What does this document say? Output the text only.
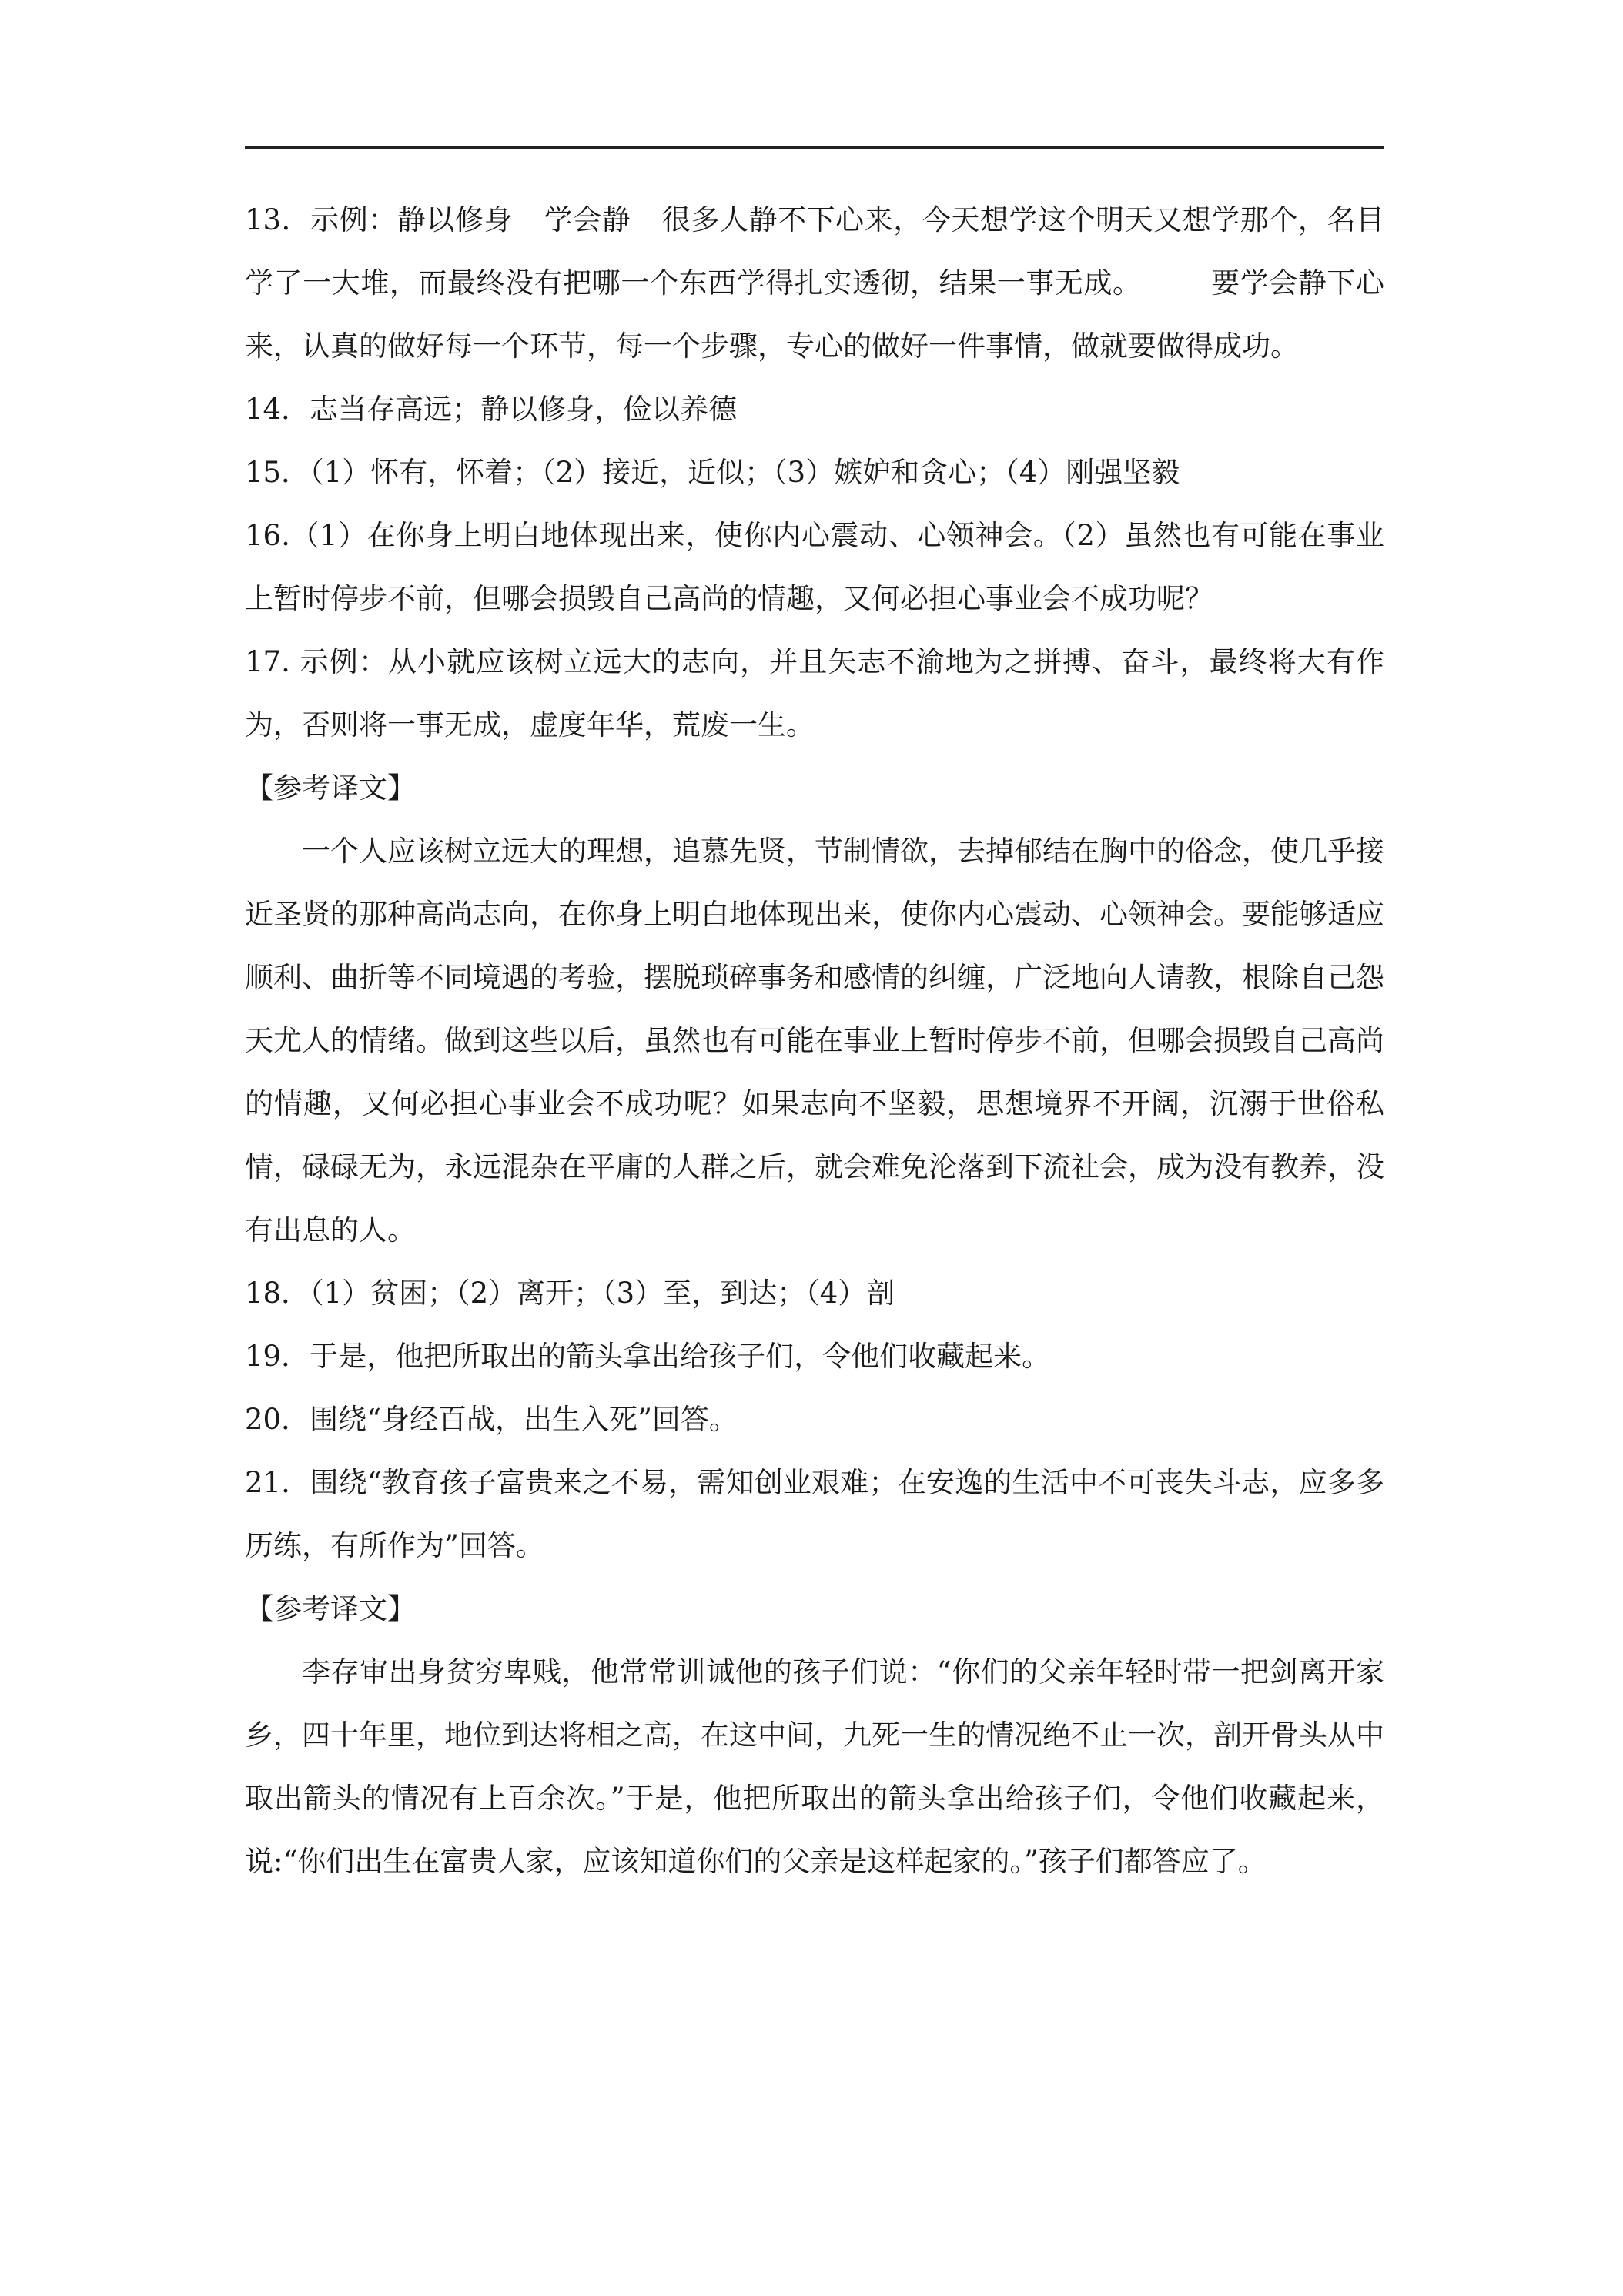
13．示例：静以修身 学会静 很多人静不下心来，今天想学这个明天又想学那个，名目学了一大堆，而最终没有把哪一个东西学得扎实透彻，结果一事无成。 要学会静下心来，认真的做好每一个环节，每一个步骤，专心的做好一件事情，做就要做得成功。

14．志当存高远；静以修身，俭以养德

15．（1）怀有，怀着；（2）接近，近似；（3）嫉妒和贪心；（4）刚强坚毅

16.（1）在你身上明白地体现出来，使你内心震动、心领神会。（2）虽然也有可能在事业上暂时停步不前，但哪会损毁自己高尚的情趣，又何必担心事业会不成功呢？

17. 示例：从小就应该树立远大的志向，并且矢志不渝地为之拼搏、奋斗，最终将大有作为，否则将一事无成，虚度年华，荒废一生。

【参考译文】

一个人应该树立远大的理想，追慕先贤，节制情欲，去掉郁结在胸中的俗念，使几乎接近圣贤的那种高尚志向，在你身上明白地体现出来，使你内心震动、心领神会。要能够适应顺利、曲折等不同境遇的考验，摆脱琐碎事务和感情的纠缠，广泛地向人请教，根除自己怨天尤人的情绪。做到这些以后，虽然也有可能在事业上暂时停步不前，但哪会损毁自己高尚的情趣，又何必担心事业会不成功呢？如果志向不坚毅，思想境界不开阔，沉溺于世俗私情，碌碌无为，永远混杂在平庸的人群之后，就会难免沦落到下流社会，成为没有教养，没有出息的人。

18．（1）贫困；（2）离开；（3）至，到达；（4）剖

19．于是，他把所取出的箭头拿出给孩子们，令他们收藏起来。

20．围绕“身经百战，出生入死”回答。

21．围绕“教育孩子富贵来之不易，需知创业艰难；在安逸的生活中不可丧失斗志，应多多历练，有所作为”回答。

【参考译文】

李存审出身贫穷卑贱，他常常训诫他的孩子们说：“你们的父亲年轻时带一把剑离开家乡，四十年里，地位到达将相之高，在这中间，九死一生的情况绝不止一次，剖开骨头从中取出箭头的情况有上百余次。”于是，他把所取出的箭头拿出给孩子们，令他们收藏起来，说:“你们出生在富贵人家，应该知道你们的父亲是这样起家的。”孩子们都答应了。
